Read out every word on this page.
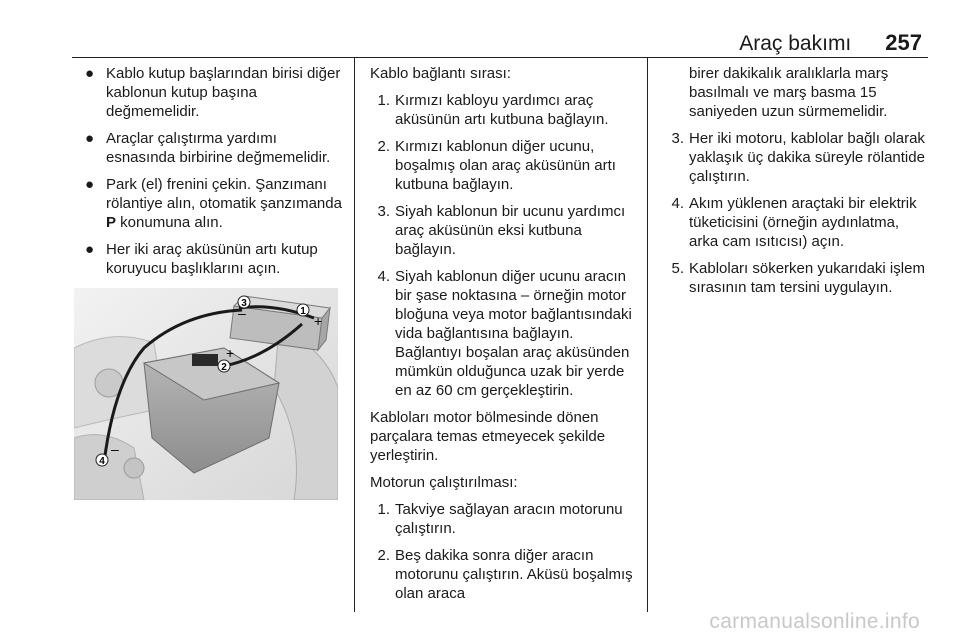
Araç bakımı 257
● Kablo kutup başlarından birisi diğer kablonun kutup başına değmemelidir.
● Araçlar çalıştırma yardımı esnasında birbirine değmemelidir.
● Park (el) frenini çekin. Şanzımanı rölantiye alın, otomatik şanzımanda P konumuna alın.
● Her iki araç aküsünün artı kutup koruyucu başlıklarını açın.
3
1
2
4
+
+
–
–

Kablo bağlantı sırası:

1. Kırmızı kabloyu yardımcı araç aküsünün artı kutbuna bağlayın.
2. Kırmızı kablonun diğer ucunu, boşalmış olan araç aküsünün artı kutbuna bağlayın.
3. Siyah kablonun bir ucunu yardımcı araç aküsünün eksi kutbuna bağlayın.
4. Siyah kablonun diğer ucunu aracın bir şase noktasına – örneğin motor bloğuna veya motor bağlantısındaki vida bağlantısına bağlayın. Bağlantıyı boşalan araç aküsünden mümkün olduğunca uzak bir yerde en az 60 cm gerçekleştirin.

Kabloları motor bölmesinde dönen parçalara temas etmeyecek şekilde yerleştirin.

Motorun çalıştırılması:

1. Takviye sağlayan aracın motorunu çalıştırın.
2. Beş dakika sonra diğer aracın motorunu çalıştırın. Aküsü boşalmış olan araca

birer dakikalık aralıklarla marş basılmalı ve marş basma 15 saniyeden uzun sürmemelidir.

3. Her iki motoru, kablolar bağlı olarak yaklaşık üç dakika süreyle rölantide çalıştırın.
4. Akım yüklenen araçtaki bir elektrik tüketicisini (örneğin aydınlatma, arka cam ısıtıcısı) açın.
5. Kabloları sökerken yukarıdaki işlem sırasının tam tersini uygulayın.
carmanualsonline.info
